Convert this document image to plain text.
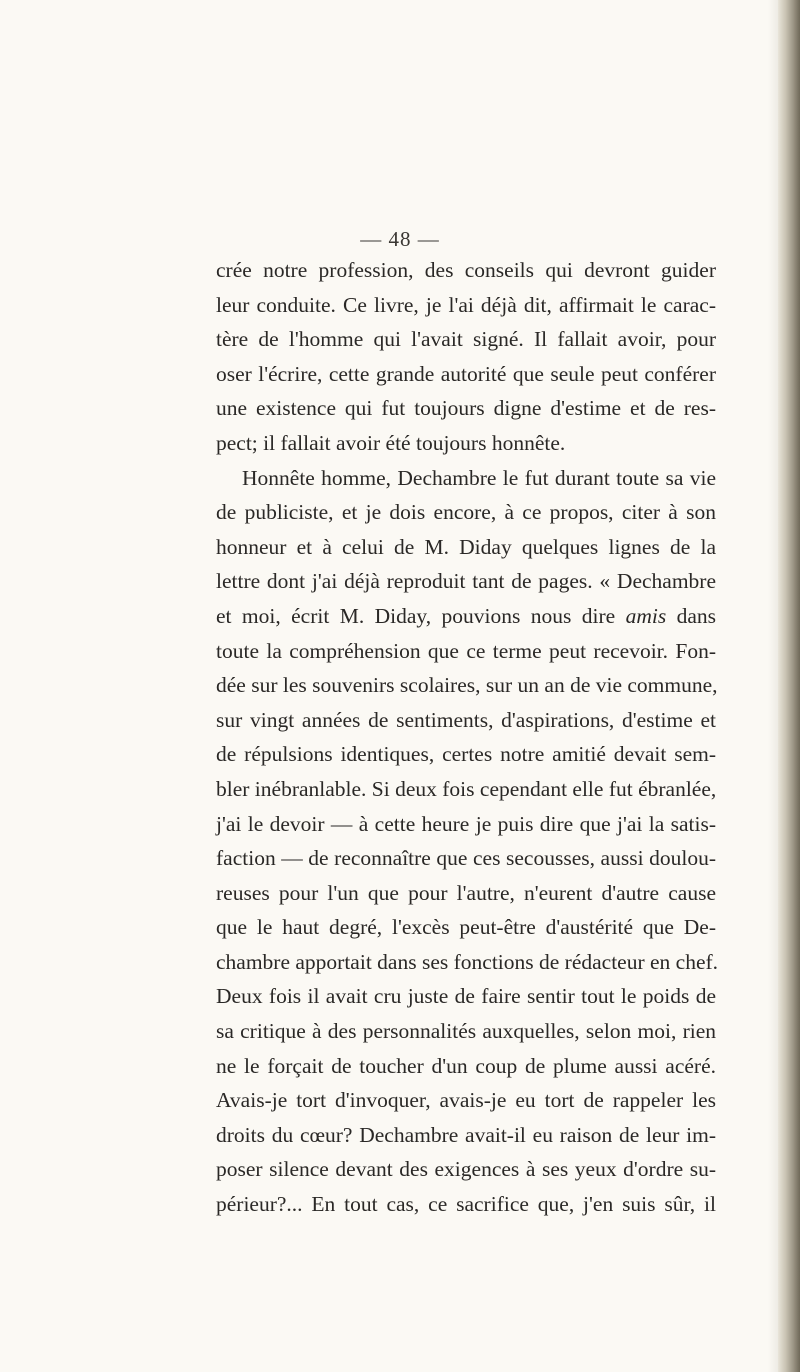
— 48 —
crée notre profession, des conseils qui devront guider
leur conduite. Ce livre, je l'ai déjà dit, affirmait le carac-
tère de l'homme qui l'avait signé. Il fallait avoir, pour
oser l'écrire, cette grande autorité que seule peut conférer
une existence qui fut toujours digne d'estime et de res-
pect; il fallait avoir été toujours honnête.
Honnête homme, Dechambre le fut durant toute sa vie
de publiciste, et je dois encore, à ce propos, citer à son
honneur et à celui de M. Diday quelques lignes de la
lettre dont j'ai déjà reproduit tant de pages. « Dechambre
et moi, écrit M. Diday, pouvions nous dire amis dans
toute la compréhension que ce terme peut recevoir. Fon-
dée sur les souvenirs scolaires, sur un an de vie commune,
sur vingt années de sentiments, d'aspirations, d'estime et
de répulsions identiques, certes notre amitié devait sem-
bler inébranlable. Si deux fois cependant elle fut ébranlée,
j'ai le devoir — à cette heure je puis dire que j'ai la satis-
faction — de reconnaître que ces secousses, aussi doulou-
reuses pour l'un que pour l'autre, n'eurent d'autre cause
que le haut degré, l'excès peut-être d'austérité que De-
chambre apportait dans ses fonctions de rédacteur en chef.
Deux fois il avait cru juste de faire sentir tout le poids de
sa critique à des personnalités auxquelles, selon moi, rien
ne le forçait de toucher d'un coup de plume aussi acéré.
Avais-je tort d'invoquer, avais-je eu tort de rappeler les
droits du cœur? Dechambre avait-il eu raison de leur im-
poser silence devant des exigences à ses yeux d'ordre su-
périeur?... En tout cas, ce sacrifice que, j'en suis sûr, il
